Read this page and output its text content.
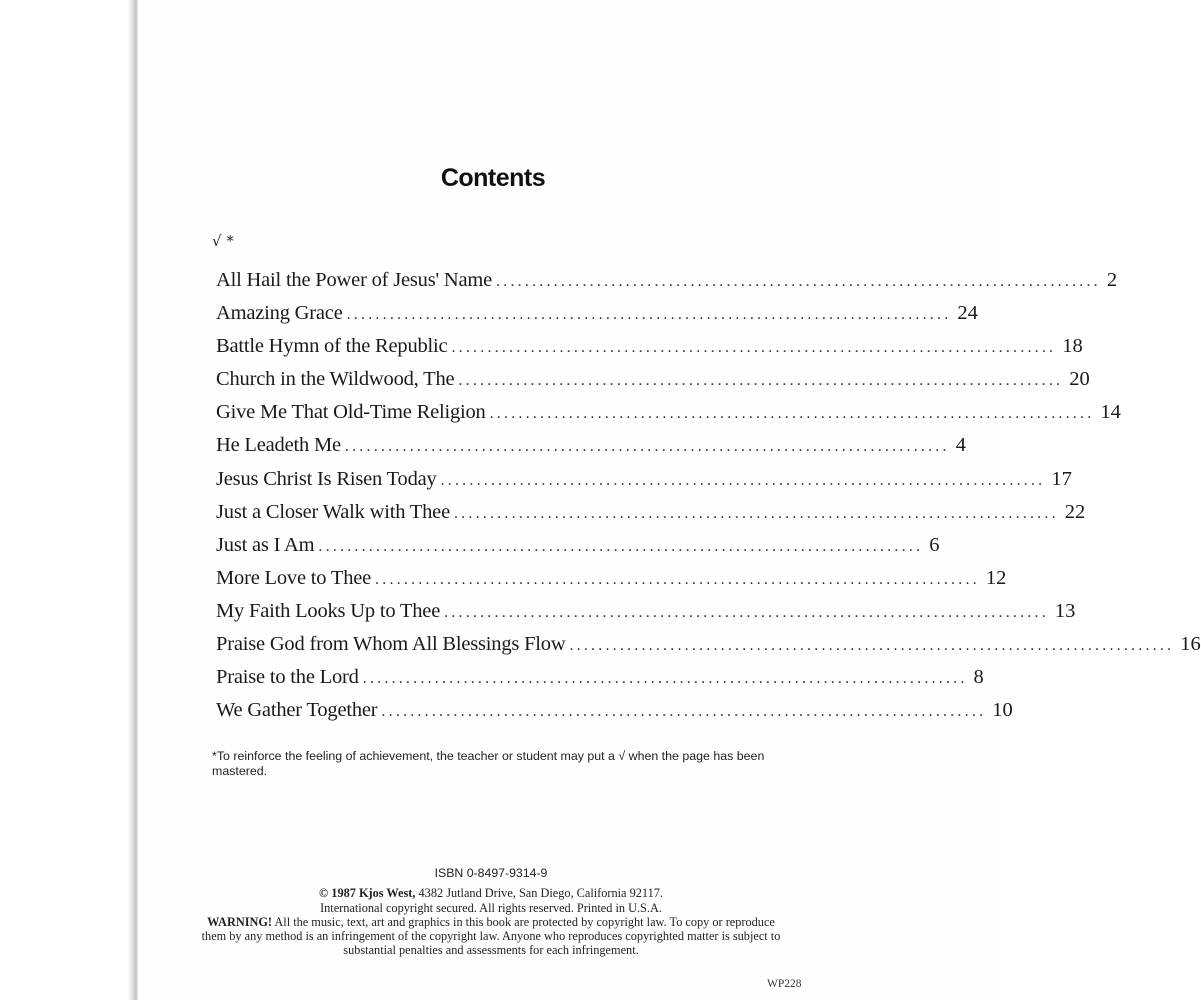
Contents
√ *
All Hail the Power of Jesus' Name .................................................................................... 2
Amazing Grace .................................................................................... 24
Battle Hymn of the Republic .................................................................................... 18
Church in the Wildwood, The .................................................................................... 20
Give Me That Old-Time Religion .................................................................................... 14
He Leadeth Me .................................................................................... 4
Jesus Christ Is Risen Today .................................................................................... 17
Just a Closer Walk with Thee .................................................................................... 22
Just as I Am .................................................................................... 6
More Love to Thee .................................................................................... 12
My Faith Looks Up to Thee .................................................................................... 13
Praise God from Whom All Blessings Flow .................................................................................... 16
Praise to the Lord .................................................................................... 8
We Gather Together .................................................................................... 10
*To reinforce the feeling of achievement, the teacher or student may put a √ when the page has been mastered.
ISBN 0-8497-9314-9
© 1987 Kjos West, 4382 Jutland Drive, San Diego, California 92117.
International copyright secured. All rights reserved. Printed in U.S.A.
WARNING! All the music, text, art and graphics in this book are protected by copyright law. To copy or reproduce them by any method is an infringement of the copyright law. Anyone who reproduces copyrighted matter is subject to substantial penalties and assessments for each infringement.
WP228
